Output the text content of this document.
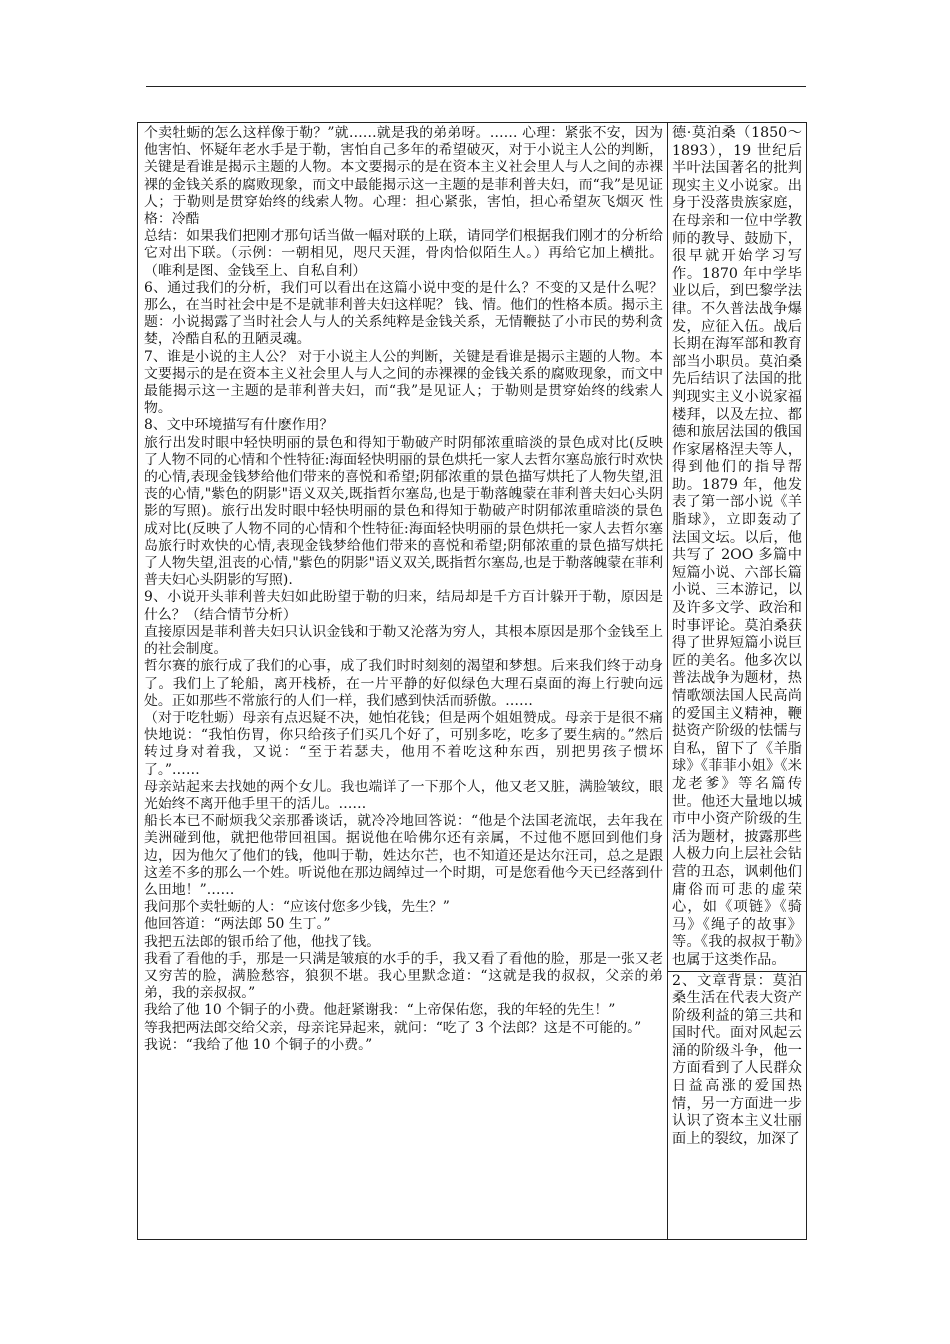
个卖牡蛎的怎么这样像于勒？”就……就是我的弟弟呀。…… 心理：紧张不安，因为他害怕、怀疑年老水手是于勒，害怕自己多年的希望破灭，对于小说主人公的判断，关键是看谁是揭示主题的人物。本文要揭示的是在资本主义社会里人与人之间的赤裸裸的金钱关系的腐败现象，而文中最能揭示这一主题的是菲利普夫妇，而“我”是见证人；于勒则是贯穿始终的线索人物。心理：担心紧张，害怕，担心希望灰飞烟灭 性格：冷酷

总结：如果我们把刚才那句话当做一幅对联的上联，请同学们根据我们刚才的分析给它对出下联。（示例：一朝相见，咫尺天涯，骨肉恰似陌生人。）再给它加上横批。（唯利是图、金钱至上、自私自利）

6、通过我们的分析，我们可以看出在这篇小说中变的是什么？不变的又是什么呢？那么，在当时社会中是不是就菲利普夫妇这样呢？ 钱、情。他们的性格本质。揭示主题：小说揭露了当时社会人与人的关系纯粹是金钱关系，无情鞭挞了小市民的势利贪婪，冷酷自私的丑陋灵魂。

7、谁是小说的主人公？ 对于小说主人公的判断，关键是看谁是揭示主题的人物。本文要揭示的是在资本主义社会里人与人之间的赤裸裸的金钱关系的腐败现象，而文中最能揭示这一主题的是菲利普夫妇，而“我”是见证人；于勒则是贯穿始终的线索人物。

8、文中环境描写有什麽作用？

旅行出发时眼中轻快明丽的景色和得知于勒破产时阴郁浓重暗淡的景色成对比(反映了人物不同的心情和个性特征:海面轻快明丽的景色烘托一家人去哲尔塞岛旅行时欢快的心情,表现金钱梦给他们带来的喜悦和希望;阴郁浓重的景色描写烘托了人物失望,沮丧的心情,"紫色的阴影"语义双关,既指哲尔塞岛,也是于勒落魄蒙在菲利普夫妇心头阴影的写照)。旅行出发时眼中轻快明丽的景色和得知于勒破产时阴郁浓重暗淡的景色成对比(反映了人物不同的心情和个性特征:海面轻快明丽的景色烘托一家人去哲尔塞岛旅行时欢快的心情,表现金钱梦给他们带来的喜悦和希望;阴郁浓重的景色描写烘托了人物失望,沮丧的心情,"紫色的阴影"语义双关,既指哲尔塞岛,也是于勒落魄蒙在菲利普夫妇心头阴影的写照).

9、小说开头菲利普夫妇如此盼望于勒的归来，结局却是千方百计躲开于勒，原因是什么？（结合情节分析）

直接原因是菲利普夫妇只认识金钱和于勒又沦落为穷人，其根本原因是那个金钱至上的社会制度。

哲尔赛的旅行成了我们的心事，成了我们时时刻刻的渴望和梦想。后来我们终于动身了。我们上了轮船，离开栈桥，在一片平静的好似绿色大理石桌面的海上行驶向远处。正如那些不常旅行的人们一样，我们感到快活而骄傲。……

（对于吃牡蛎）母亲有点迟疑不决，她怕花钱；但是两个姐姐赞成。母亲于是很不痛快地说：“我怕伤胃，你只给孩子们买几个好了，可别多吃，吃多了要生病的。”然后转过身对着我，又说：“至于若瑟夫，他用不着吃这种东西，别把男孩子惯坏了。”……

母亲站起来去找她的两个女儿。我也端详了一下那个人，他又老又脏，满脸皱纹，眼光始终不离开他手里干的活儿。……

船长本已不耐烦我父亲那番谈话，就冷冷地回答说：“他是个法国老流氓，去年我在美洲碰到他，就把他带回祖国。据说他在哈佛尔还有亲属，不过他不愿回到他们身边，因为他欠了他们的钱，他叫于勒，姓达尔芒，也不知道还是达尔汪司，总之是跟这差不多的那么一个姓。听说他在那边阔绰过一个时期，可是您看他今天已经落到什么田地！”……

我问那个卖牡蛎的人：“应该付您多少钱，先生？”

他回答道：“两法郎 50 生丁。”

我把五法郎的银币给了他，他找了钱。

我看了看他的手，那是一只满是皱痕的水手的手，我又看了看他的脸，那是一张又老又穷苦的脸，满脸愁容，狼狈不堪。我心里默念道：“这就是我的叔叔，父亲的弟弟，我的亲叔叔。”

我给了他 10 个铜子的小费。他赶紧谢我：“上帝保佑您，我的年轻的先生！”

等我把两法郎交给父亲，母亲诧异起来，就问：“吃了 3 个法郎？这是不可能的。”

我说：“我给了他 10 个铜子的小费。”

德·莫泊桑（1850～1893），19 世纪后半叶法国著名的批判现实主义小说家。出身于没落贵族家庭，在母亲和一位中学教师的教导、鼓励下，很早就开始学习写作。1870 年中学毕业以后，到巴黎学法律。不久普法战争爆发，应征入伍。战后长期在海军部和教育部当小职员。莫泊桑先后结识了法国的批判现实主义小说家福楼拜，以及左拉、都德和旅居法国的俄国作家屠格涅夫等人，得到他们的指导帮助。1879 年，他发表了第一部小说《羊脂球》，立即轰动了法国文坛。以后，他共写了 2OO 多篇中短篇小说、六部长篇小说、三本游记，以及许多文学、政治和时事评论。莫泊桑获得了世界短篇小说巨匠的美名。他多次以普法战争为题材，热情歌颂法国人民高尚的爱国主义精神，鞭挞资产阶级的怯懦与自私，留下了《羊脂球》《菲菲小姐》《米龙老爹》等名篇传世。他还大量地以城市中小资产阶级的生活为题材，披露那些人极力向上层社会钻营的丑态，讽刺他们庸俗而可悲的虚荣心，如《项链》《骑马》《绳子的故事》等。《我的叔叔于勒》也属于这类作品。

2、文章背景：莫泊桑生活在代表大资产阶级利益的第三共和国时代。面对风起云涌的阶级斗争，他一方面看到了人民群众日益高涨的爱国热情，另一方面进一步认识了资本主义壮丽面上的裂纹，加深了
